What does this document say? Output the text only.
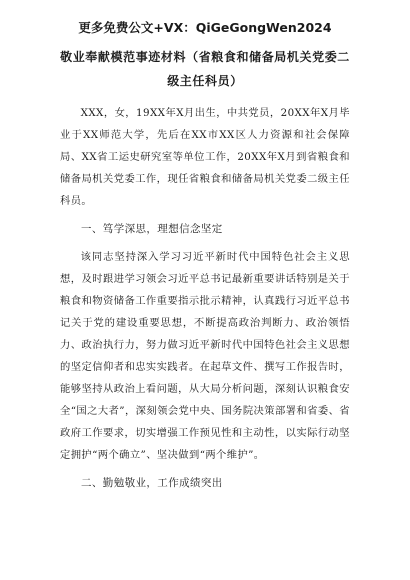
更多免费公文+VX：QiGeGongWen2024

敬业奉献模范事迹材料（省粮食和储备局机关党委二级主任科员）

XXX，女，19XX年X月出生，中共党员，20XX年X月毕业于XX师范大学，先后在XX市XX区人力资源和社会保障局、XX省工运史研究室等单位工作，20XX年X月到省粮食和储备局机关党委工作，现任省粮食和储备局机关党委二级主任科员。

一、笃学深思，理想信念坚定

该同志坚持深入学习习近平新时代中国特色社会主义思想，及时跟进学习领会习近平总书记最新重要讲话特别是关于粮食和物资储备工作重要指示批示精神，认真践行习近平总书记关于党的建设重要思想，不断提高政治判断力、政治领悟力、政治执行力，努力做习近平新时代中国特色社会主义思想的坚定信仰者和忠实实践者。在起草文件、撰写工作报告时，能够坚持从政治上看问题，从大局分析问题，深刻认识粮食安全“国之大者”，深刻领会党中央、国务院决策部署和省委、省政府工作要求，切实增强工作预见性和主动性，以实际行动坚定拥护“两个确立”、坚决做到“两个维护”。

二、勤勉敬业，工作成绩突出
